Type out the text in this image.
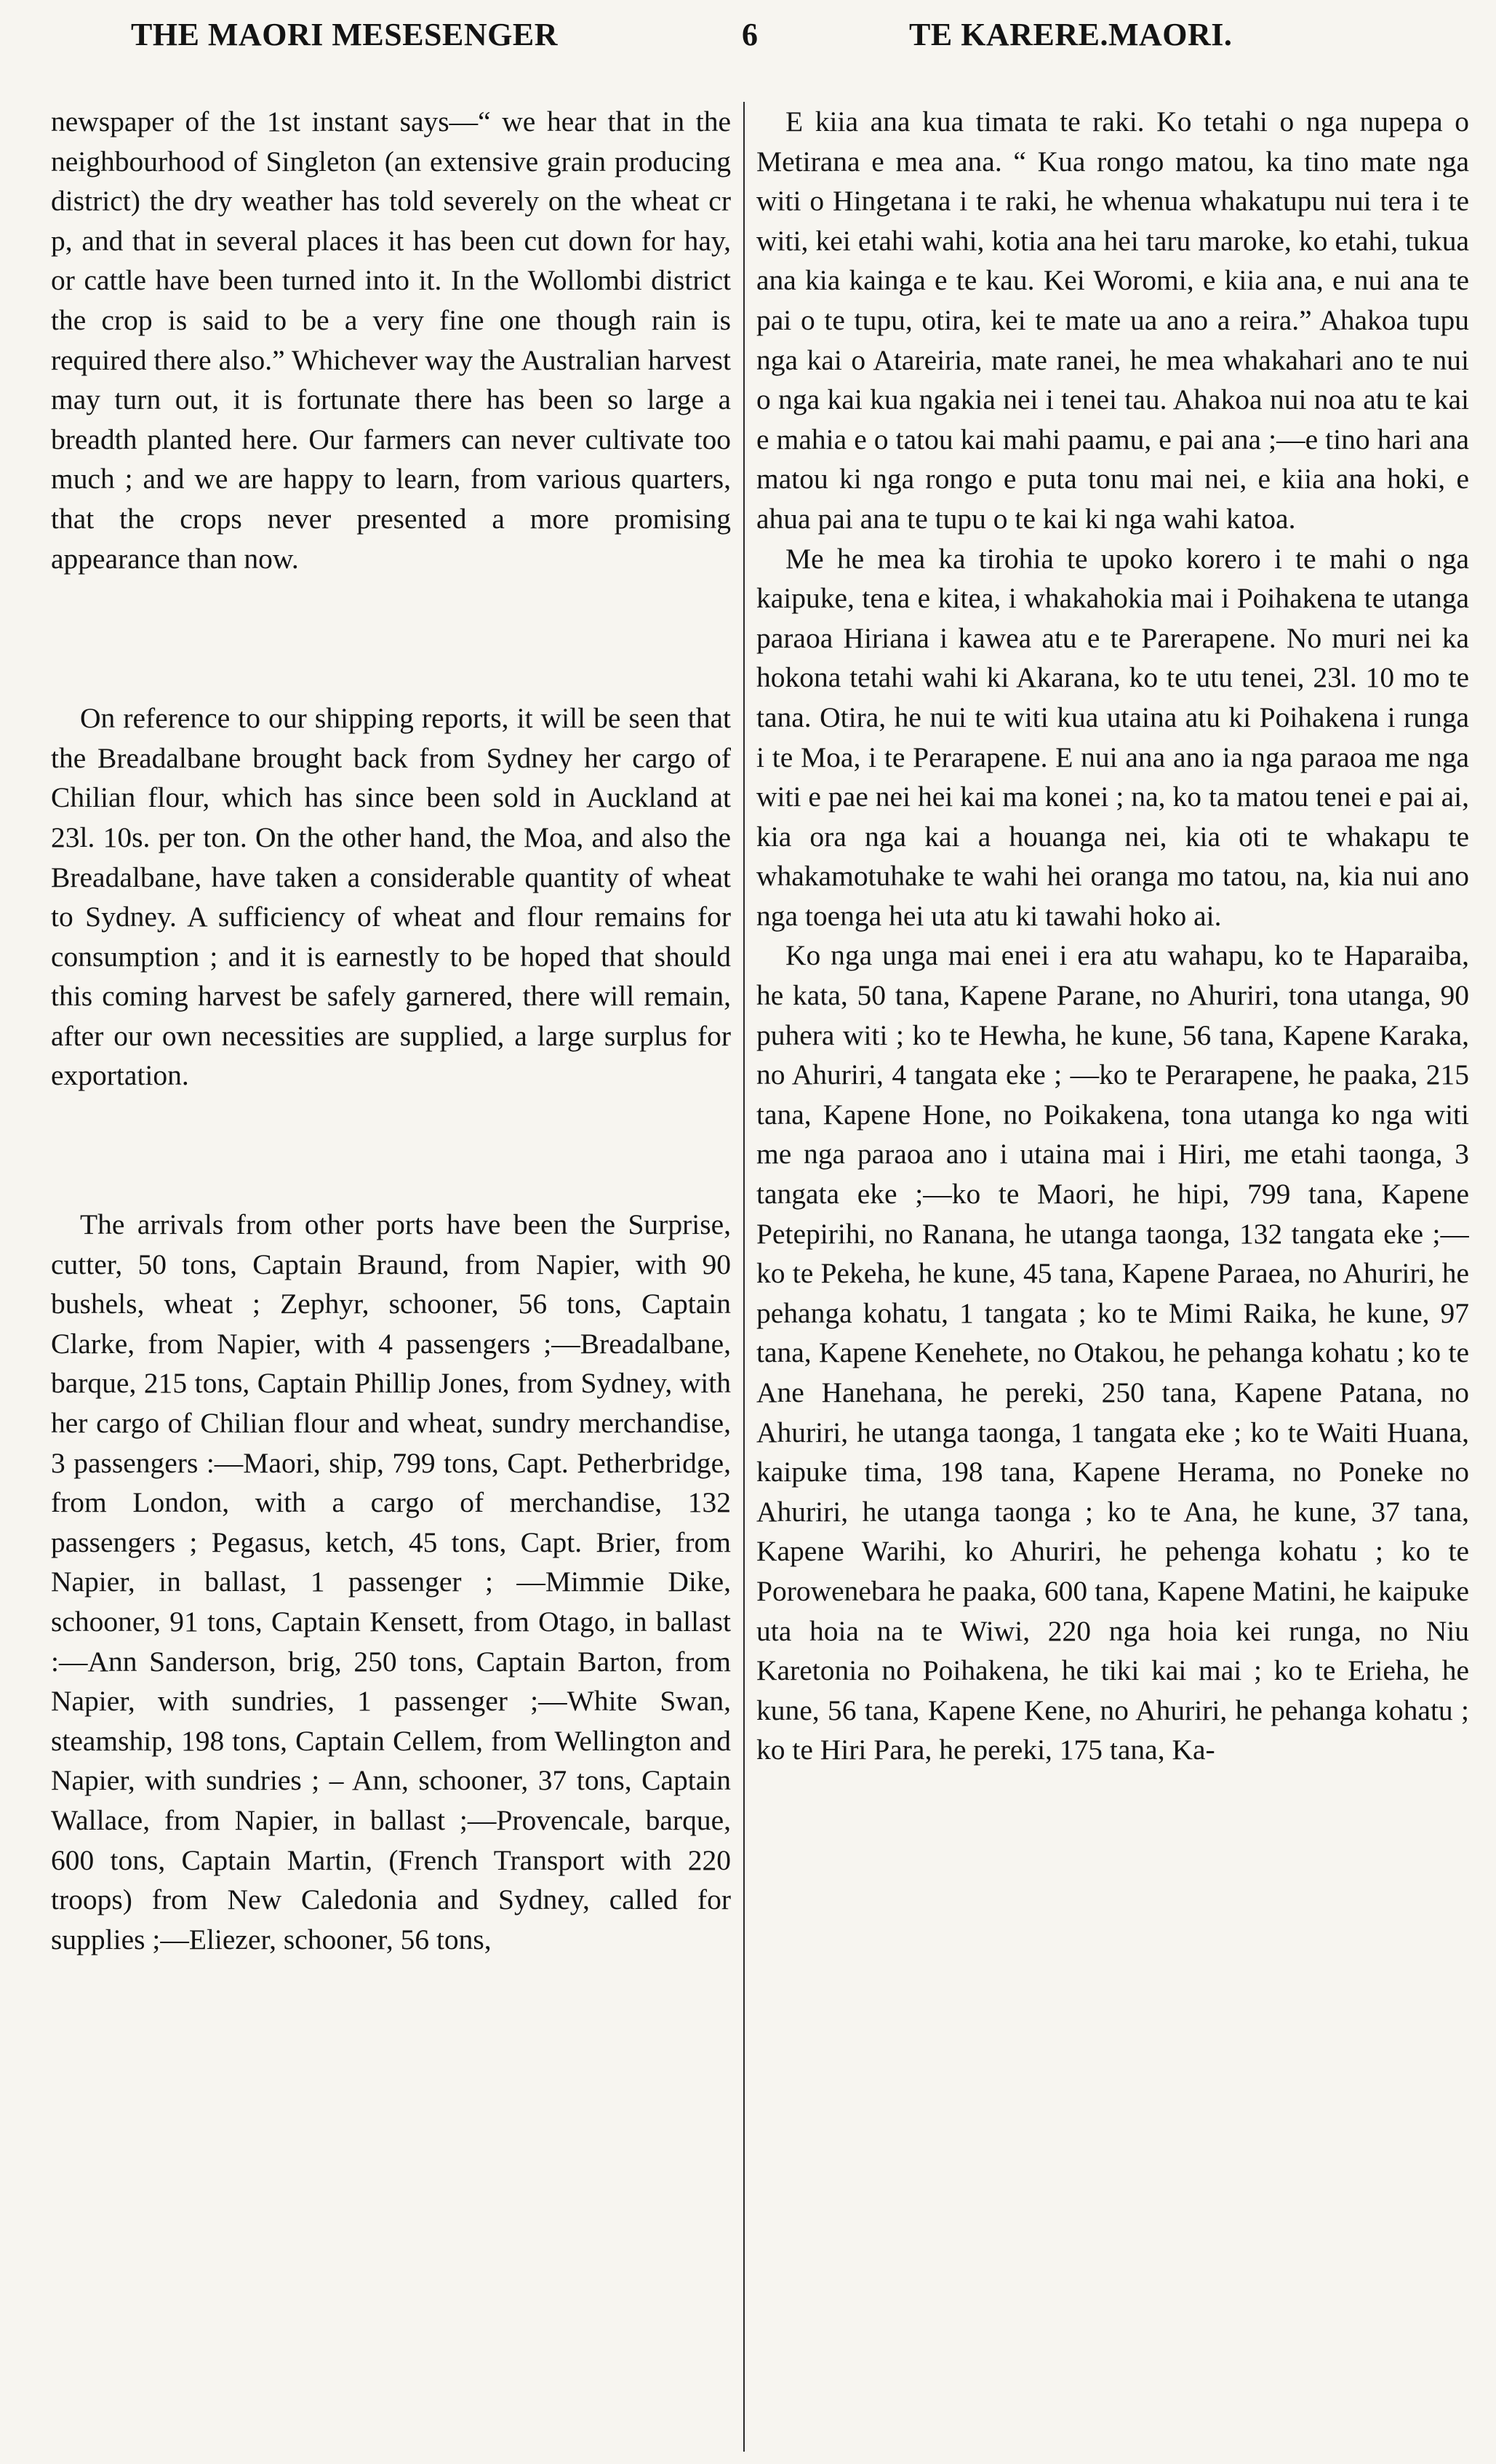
THE MAORI MESESENGER	6	TE KARERE.MAORI.

newspaper of the 1st instant says—“ we hear that in the neighbourhood of Singleton (an extensive grain producing district) the dry weather has told severely on the wheat cr p, and that in several places it has been cut down for hay, or cattle have been turned into it. In the Wollombi district the crop is said to be a very fine one though rain is required there also.” Whichever way the Australian harvest may turn out, it is fortunate there has been so large a breadth planted here. Our farmers can never cultivate too much ; and we are happy to learn, from various quarters, that the crops never presented a more promising appearance than now.

On reference to our shipping reports, it will be seen that the Breadalbane brought back from Sydney her cargo of Chilian flour, which has since been sold in Auckland at 23l. 10s. per ton. On the other hand, the Moa, and also the Breadalbane, have taken a considerable quantity of wheat to Sydney. A sufficiency of wheat and flour remains for consumption ; and it is earnestly to be hoped that should this coming harvest be safely garnered, there will remain, after our own necessities are supplied, a large surplus for exportation.

The arrivals from other ports have been the Surprise, cutter, 50 tons, Captain Braund, from Napier, with 90 bushels, wheat ; Zephyr, schooner, 56 tons, Captain Clarke, from Napier, with 4 passengers ;—Breadalbane, barque, 215 tons, Captain Phillip Jones, from Sydney, with her cargo of Chilian flour and wheat, sundry merchandise, 3 passengers :—Maori, ship, 799 tons, Capt. Petherbridge, from London, with a cargo of merchandise, 132 passengers ; Pegasus, ketch, 45 tons, Capt. Brier, from Napier, in ballast, 1 passenger ; —Mimmie Dike, schooner, 91 tons, Captain Kensett, from Otago, in ballast :—Ann Sanderson, brig, 250 tons, Captain Barton, from Napier, with sundries, 1 passenger ;—White Swan, steamship, 198 tons, Captain Cellem, from Wellington and Napier, with sundries ; – Ann, schooner, 37 tons, Captain Wallace, from Napier, in ballast ;—Provencale, barque, 600 tons, Captain Martin, (French Transport with 220 troops) from New Caledonia and Sydney, called for supplies ;—Eliezer, schooner, 56 tons,

E kiia ana kua timata te raki. Ko tetahi o nga nupepa o Metirana e mea ana. “ Kua rongo matou, ka tino mate nga witi o Hingetana i te raki, he whenua whakatupu nui tera i te witi, kei etahi wahi, kotia ana hei taru maroke, ko etahi, tukua ana kia kainga e te kau. Kei Woromi, e kiia ana, e nui ana te pai o te tupu, otira, kei te mate ua ano a reira.” Ahakoa tupu nga kai o Atareiria, mate ranei, he mea whakahari ano te nui o nga kai kua ngakia nei i tenei tau. Ahakoa nui noa atu te kai e mahia e o tatou kai mahi paamu, e pai ana ;—e tino hari ana matou ki nga rongo e puta tonu mai nei, e kiia ana hoki, e ahua pai ana te tupu o te kai ki nga wahi katoa.

Me he mea ka tirohia te upoko korero i te mahi o nga kaipuke, tena e kitea, i whakahokia mai i Poihakena te utanga paraoa Hiriana i kawea atu e te Parerapene. No muri nei ka hokona tetahi wahi ki Akarana, ko te utu tenei, 23l. 10 mo te tana. Otira, he nui te witi kua utaina atu ki Poihakena i runga i te Moa, i te Perarapene. E nui ana ano ia nga paraoa me nga witi e pae nei hei kai ma konei ; na, ko ta matou tenei e pai ai, kia ora nga kai a houanga nei, kia oti te whakapu te whakamotuhake te wahi hei oranga mo tatou, na, kia nui ano nga toenga hei uta atu ki tawahi hoko ai.

Ko nga unga mai enei i era atu wahapu, ko te Haparaiba, he kata, 50 tana, Kapene Parane, no Ahuriri, tona utanga, 90 puhera witi ; ko te Hewha, he kune, 56 tana, Kapene Karaka, no Ahuriri, 4 tangata eke ; —ko te Perarapene, he paaka, 215 tana, Kapene Hone, no Poikakena, tona utanga ko nga witi me nga paraoa ano i utaina mai i Hiri, me etahi taonga, 3 tangata eke ;—ko te Maori, he hipi, 799 tana, Kapene Petepirihi, no Ranana, he utanga taonga, 132 tangata eke ;—ko te Pekeha, he kune, 45 tana, Kapene Paraea, no Ahuriri, he pehanga kohatu, 1 tangata ; ko te Mimi Raika, he kune, 97 tana, Kapene Kenehete, no Otakou, he pehanga kohatu ; ko te Ane Hanehana, he pereki, 250 tana, Kapene Patana, no Ahuriri, he utanga taonga, 1 tangata eke ; ko te Waiti Huana, kaipuke tima, 198 tana, Kapene Herama, no Poneke no Ahuriri, he utanga taonga ; ko te Ana, he kune, 37 tana, Kapene Warihi, ko Ahuriri, he pehenga kohatu ; ko te Porowenebara he paaka, 600 tana, Kapene Matini, he kaipuke uta hoia na te Wiwi, 220 nga hoia kei runga, no Niu Karetonia no Poihakena, he tiki kai mai ; ko te Erieha, he kune, 56 tana, Kapene Kene, no Ahuriri, he pehanga kohatu ; ko te Hiri Para, he pereki, 175 tana, Ka-
